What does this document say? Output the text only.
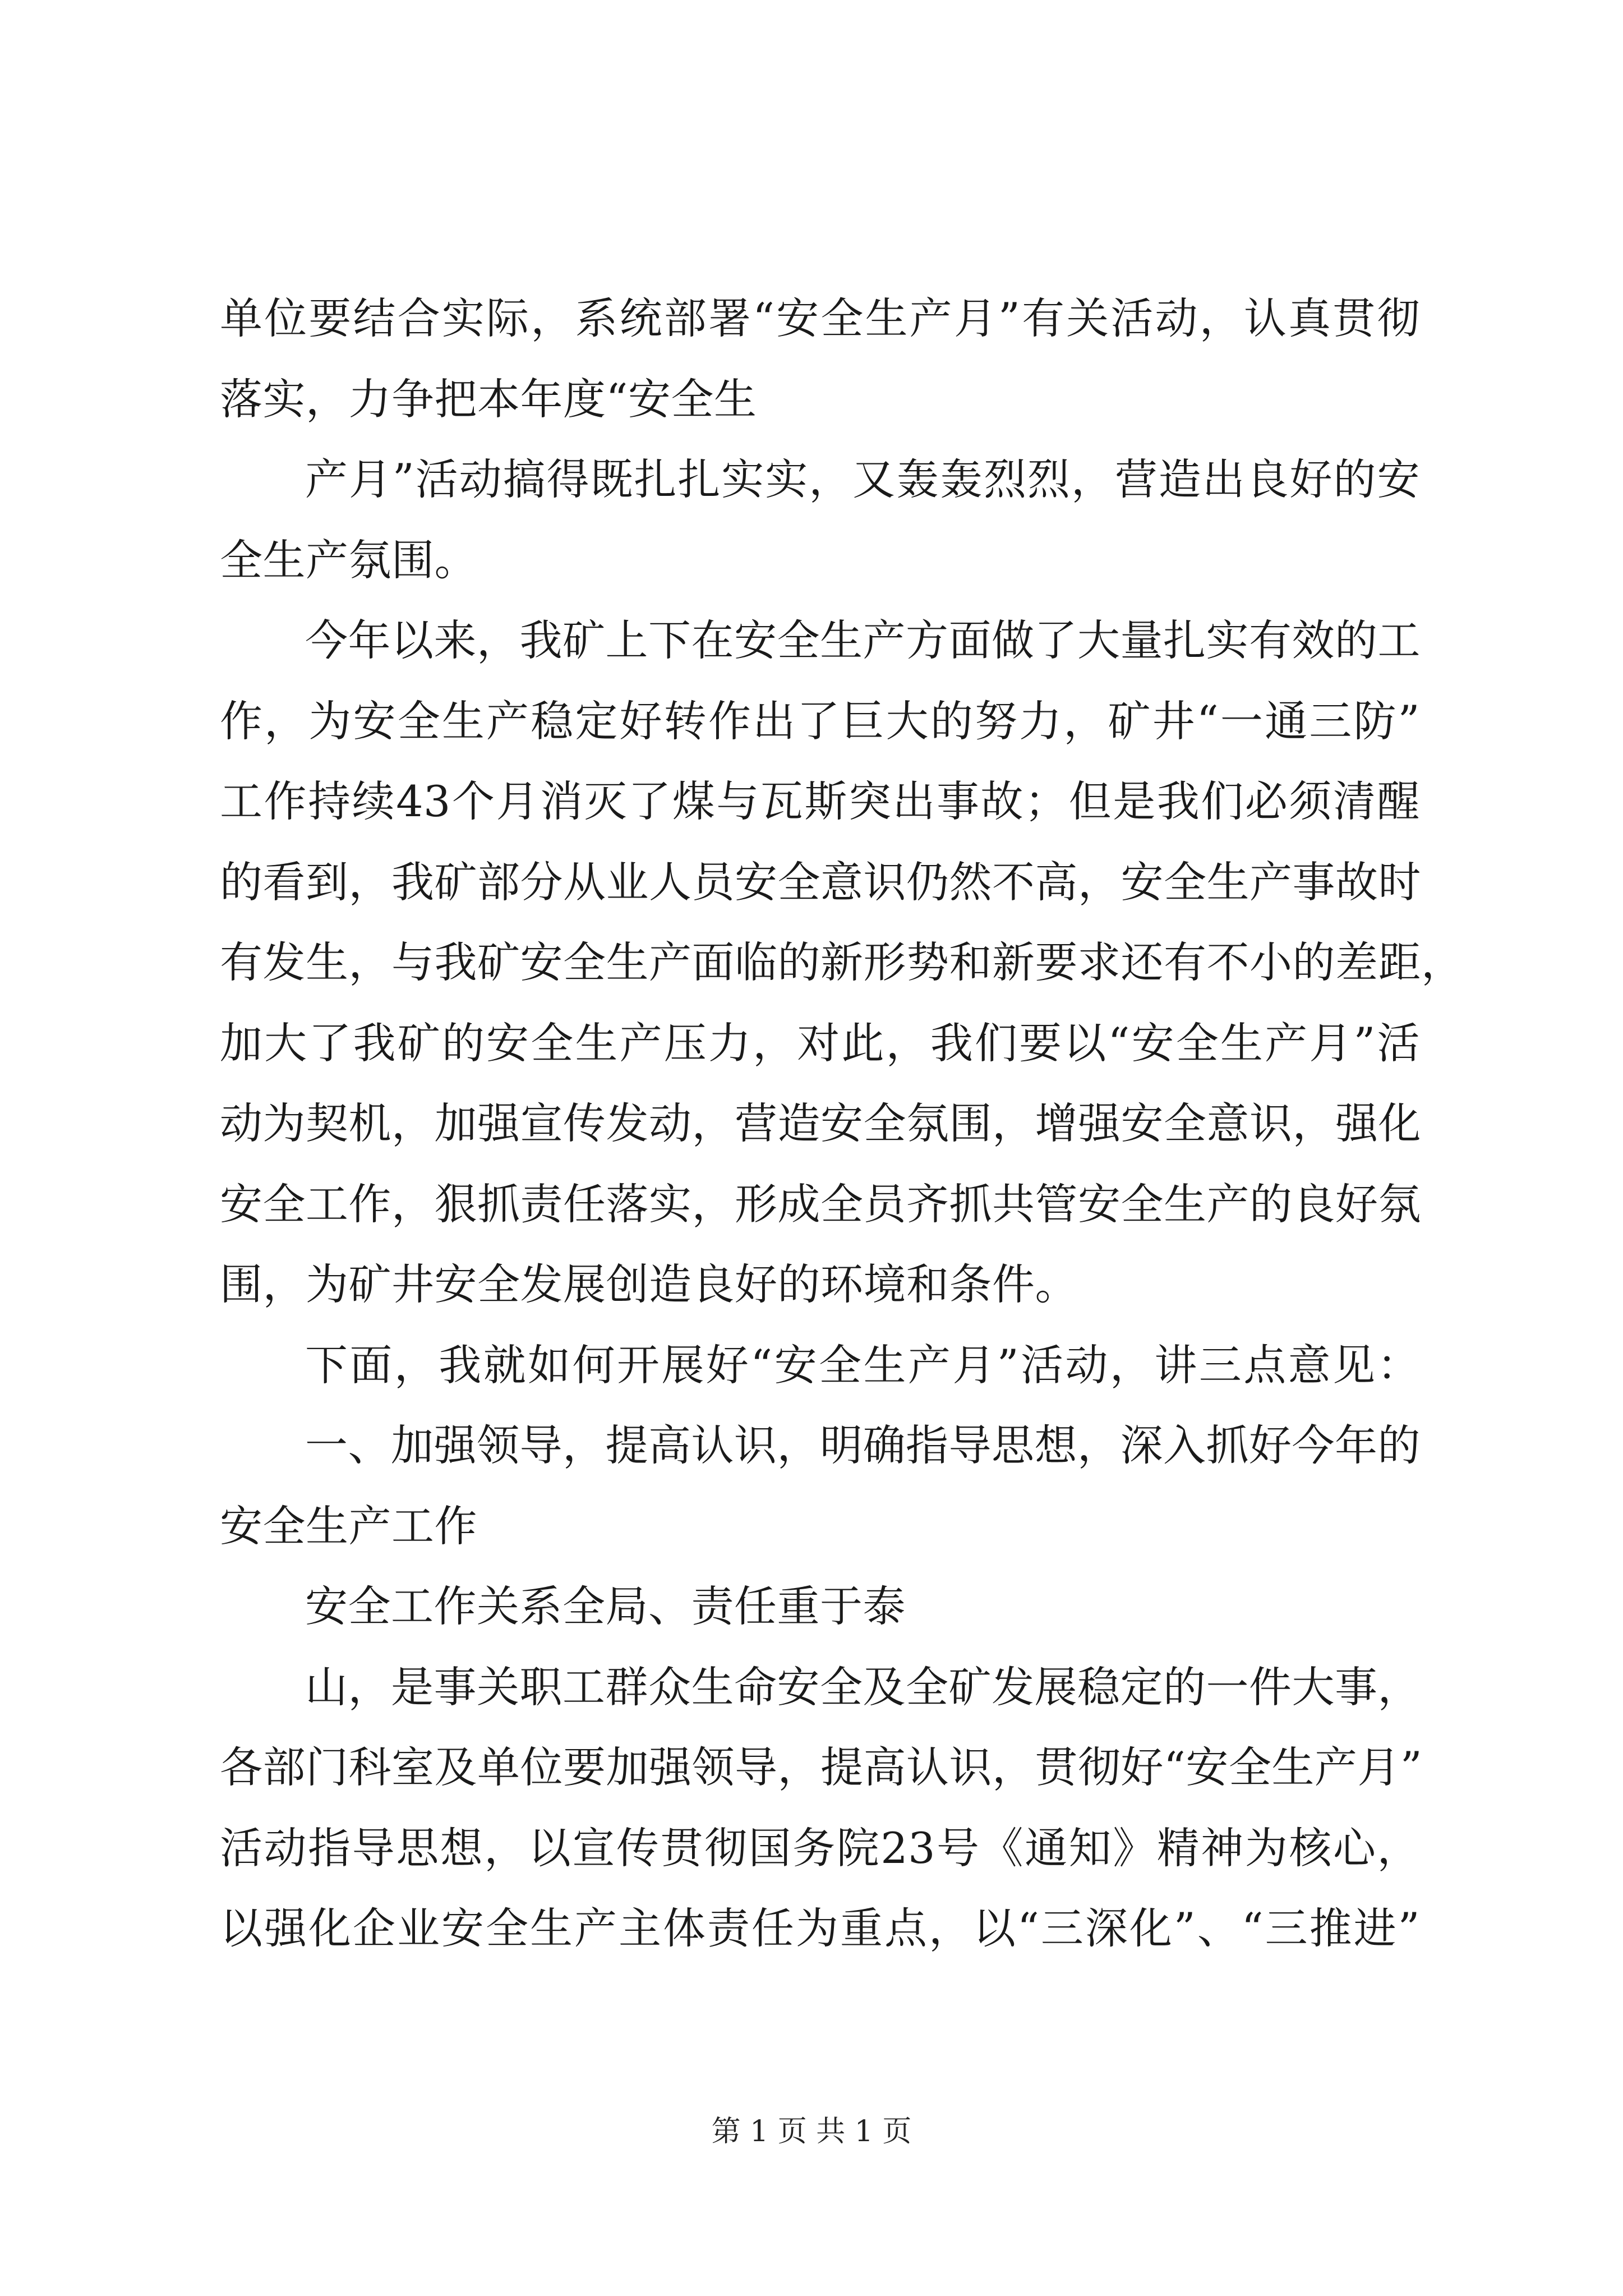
单位要结合实际，系统部署“安全生产月”有关活动，认真贯彻
落实，力争把本年度“安全生
产月”活动搞得既扎扎实实，又轰轰烈烈，营造出良好的安
全生产氛围。
今年以来，我矿上下在安全生产方面做了大量扎实有效的工
作，为安全生产稳定好转作出了巨大的努力，矿井“一通三防”
工作持续43个月消灭了煤与瓦斯突出事故；但是我们必须清醒
的看到，我矿部分从业人员安全意识仍然不高，安全生产事故时
有发生，与我矿安全生产面临的新形势和新要求还有不小的差距，
加大了我矿的安全生产压力，对此，我们要以“安全生产月”活
动为契机，加强宣传发动，营造安全氛围，增强安全意识，强化
安全工作，狠抓责任落实，形成全员齐抓共管安全生产的良好氛
围，为矿井安全发展创造良好的环境和条件。
下面，我就如何开展好“安全生产月”活动，讲三点意见：
一、加强领导，提高认识，明确指导思想，深入抓好今年的
安全生产工作
安全工作关系全局、责任重于泰
山，是事关职工群众生命安全及全矿发展稳定的一件大事，
各部门科室及单位要加强领导，提高认识，贯彻好“安全生产月”
活动指导思想，以宣传贯彻国务院23号《通知》精神为核心，
以强化企业安全生产主体责任为重点，以“三深化”、“三推进”
第 1 页 共 1 页
